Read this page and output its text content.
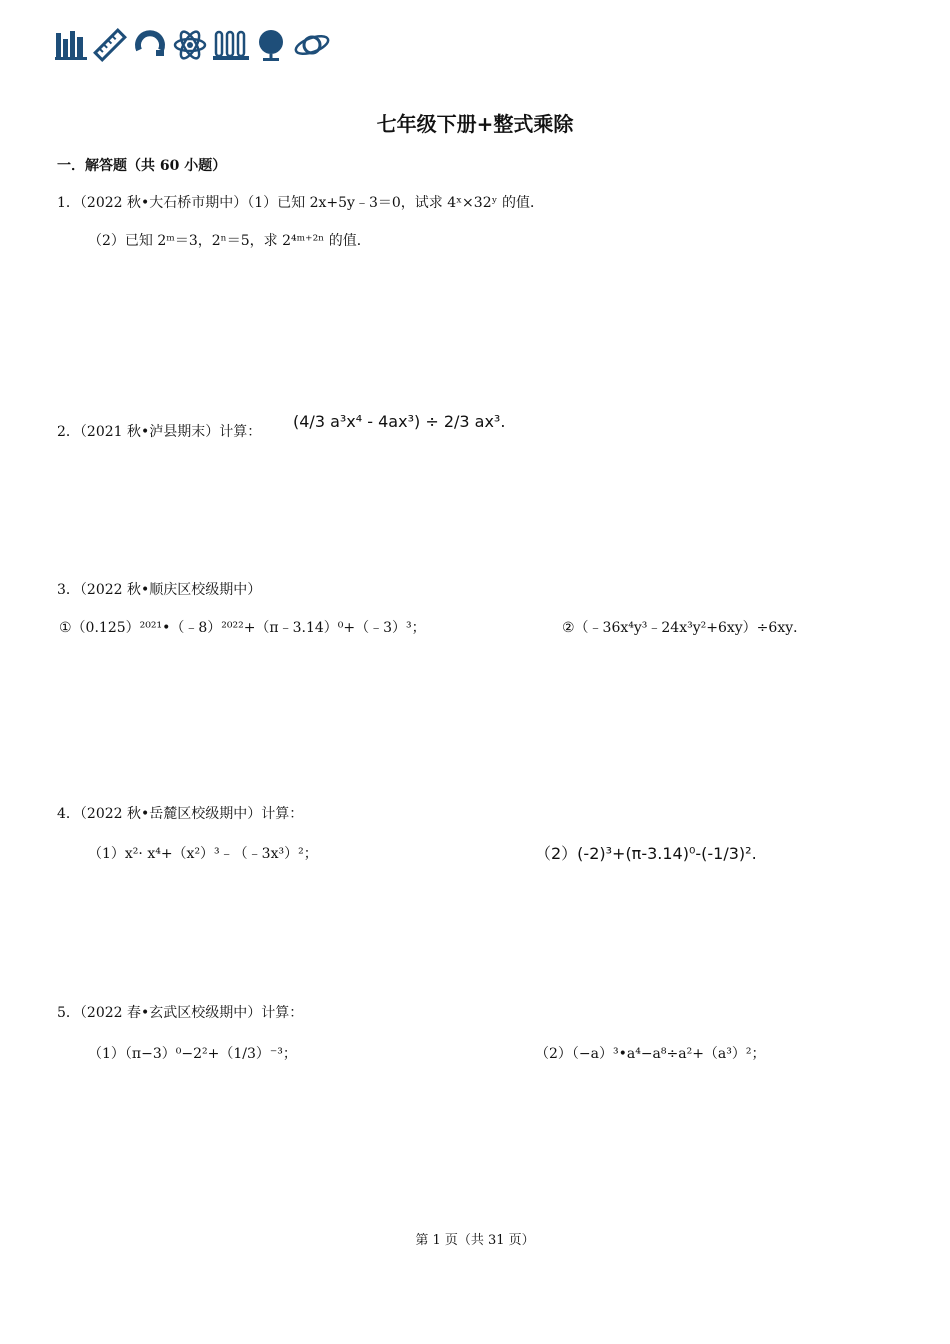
七年级下册+整式乘除
一．解答题（共 60 小题）
1．（2022 秋•大石桥市期中）（1）已知 2x+5y﹣3＝0，试求 4ˣ×32ʸ 的值．
（2）已知 2ᵐ＝3，2ⁿ＝5，求 2⁴ᵐ⁺²ⁿ 的值．
2．（2021 秋•泸县期末）计算：
(4/3 a³x⁴ - 4ax³) ÷ 2/3 ax³.
3．（2022 秋•顺庆区校级期中）
①（0.125）²⁰²¹•（﹣8）²⁰²²+（π﹣3.14）⁰+（﹣3）³；	②（﹣36x⁴y³﹣24x³y²+6xy）÷6xy．
4．（2022 秋•岳麓区校级期中）计算：
（1）x²· x⁴+（x²）³﹣（﹣3x³）²；	（2）(-2)³+(π-3.14)⁰-(-1/3)².
5．（2022 春•玄武区校级期中）计算：
（1）（π−3）⁰−2²+（1/3）⁻³；	（2）（−a）³•a⁴−a⁸÷a²+（a³）²；
第 1 页（共 31 页）
